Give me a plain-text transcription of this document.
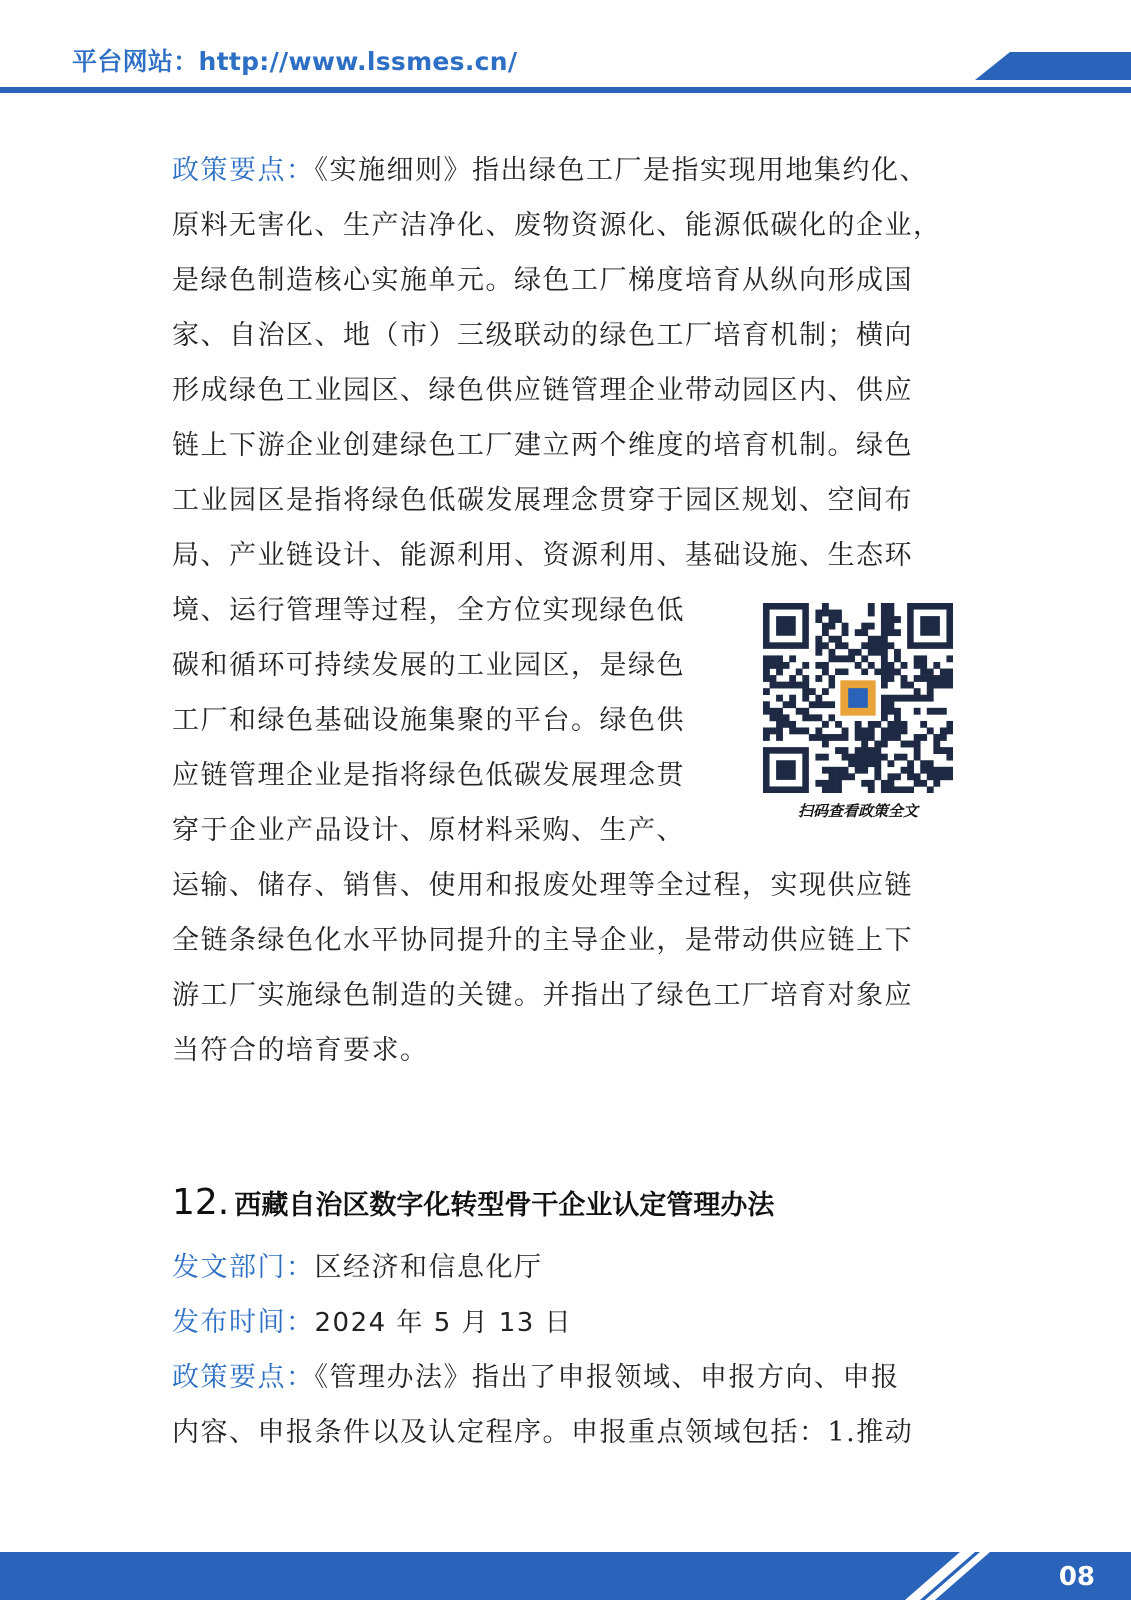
平台网站：http://www.lssmes.cn/
政策要点：《实施细则》指出绿色工厂是指实现用地集约化、
原料无害化、生产洁净化、废物资源化、能源低碳化的企业，
是绿色制造核心实施单元。绿色工厂梯度培育从纵向形成国
家、自治区、地（市）三级联动的绿色工厂培育机制；横向
形成绿色工业园区、绿色供应链管理企业带动园区内、供应
链上下游企业创建绿色工厂建立两个维度的培育机制。绿色
工业园区是指将绿色低碳发展理念贯穿于园区规划、空间布
局、产业链设计、能源利用、资源利用、基础设施、生态环
境、运行管理等过程，全方位实现绿色低
碳和循环可持续发展的工业园区，是绿色
工厂和绿色基础设施集聚的平台。绿色供
应链管理企业是指将绿色低碳发展理念贯
穿于企业产品设计、原材料采购、生产、
运输、储存、销售、使用和报废处理等全过程，实现供应链
全链条绿色化水平协同提升的主导企业，是带动供应链上下
游工厂实施绿色制造的关键。并指出了绿色工厂培育对象应
当符合的培育要求。
扫码查看政策全文
12. 西藏自治区数字化转型骨干企业认定管理办法
发文部门：区经济和信息化厅
发布时间：2024 年 5 月 13 日
政策要点：《管理办法》指出了申报领域、申报方向、申报
内容、申报条件以及认定程序。申报重点领域包括：1.推动
08
